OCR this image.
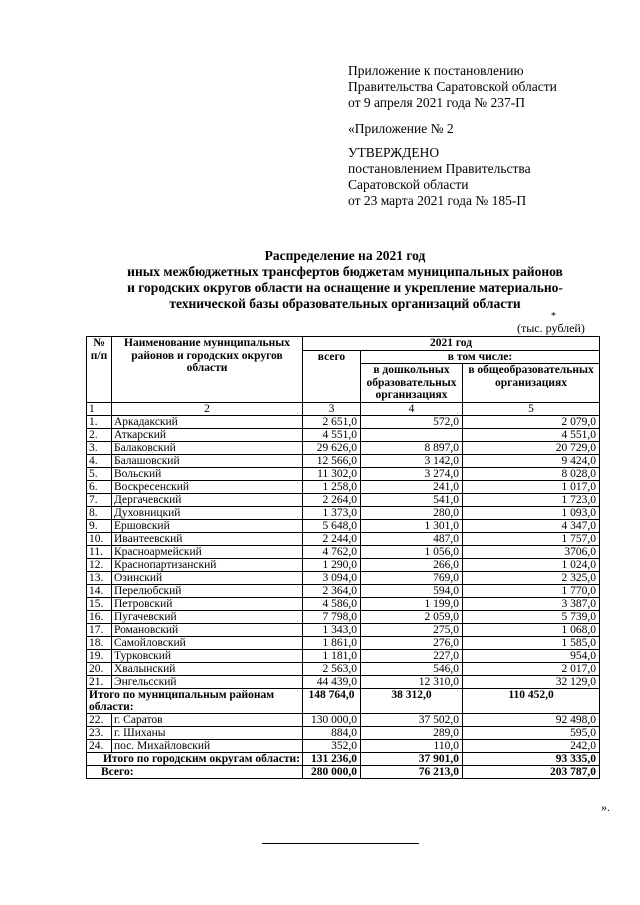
Приложение к постановлению
Правительства Саратовской области
от 9 апреля 2021 года № 237-П
«Приложение № 2
УТВЕРЖДЕНО
постановлением Правительства
Саратовской области
от 23 марта 2021 года № 185-П
Распределение на 2021 год
иных межбюджетных трансфертов бюджетам муниципальных районов
и городских округов области на оснащение и укрепление материально-
технической базы образовательных организаций области
*
(тыс. рублей)
№ п/п	Наименование муниципальных районов и городских округов области	2021 год		
		всего	в том числе:	
			в дошкольных образовательных организациях	в общеобразовательных организациях
1	2	3	4	5
1.	Аркадакский	2 651,0	572,0	2 079,0
2.	Аткарский	4 551,0		4 551,0
3.	Балаковский	29 626,0	8 897,0	20 729,0
4.	Балашовский	12 566,0	3 142,0	9 424,0
5.	Вольский	11 302,0	3 274,0	8 028,0
6.	Воскресенский	1 258,0	241,0	1 017,0
7.	Дергачевский	2 264,0	541,0	1 723,0
8.	Духовницкий	1 373,0	280,0	1 093,0
9.	Ершовский	5 648,0	1 301,0	4 347,0
10.	Ивантеевский	2 244,0	487,0	1 757,0
11.	Красноармейский	4 762,0	1 056,0	3706,0
12.	Краснопартизанский	1 290,0	266,0	1 024,0
13.	Озинский	3 094,0	769,0	2 325,0
14.	Перелюбский	2 364,0	594,0	1 770,0
15.	Петровский	4 586,0	1 199,0	3 387,0
16.	Пугачевский	7 798,0	2 059,0	5 739,0
17.	Романовский	1 343,0	275,0	1 068,0
18.	Самойловский	1 861,0	276,0	1 585,0
19.	Турковский	1 181,0	227,0	954,0
20.	Хвалынский	2 563,0	546,0	2 017,0
21.	Энгельсский	44 439,0	12 310,0	32 129,0
Итого по муниципальным районам области:		148 764,0	38 312,0	110 452,0
22.	г. Саратов	130 000,0	37 502,0	92 498,0
23.	г. Шиханы	884,0	289,0	595,0
24.	пос. Михайловский	352,0	110,0	242,0
Итого по городским округам области:		131 236,0	37 901,0	93 335,0
Всего:		280 000,0	76 213,0	203 787,0
».
